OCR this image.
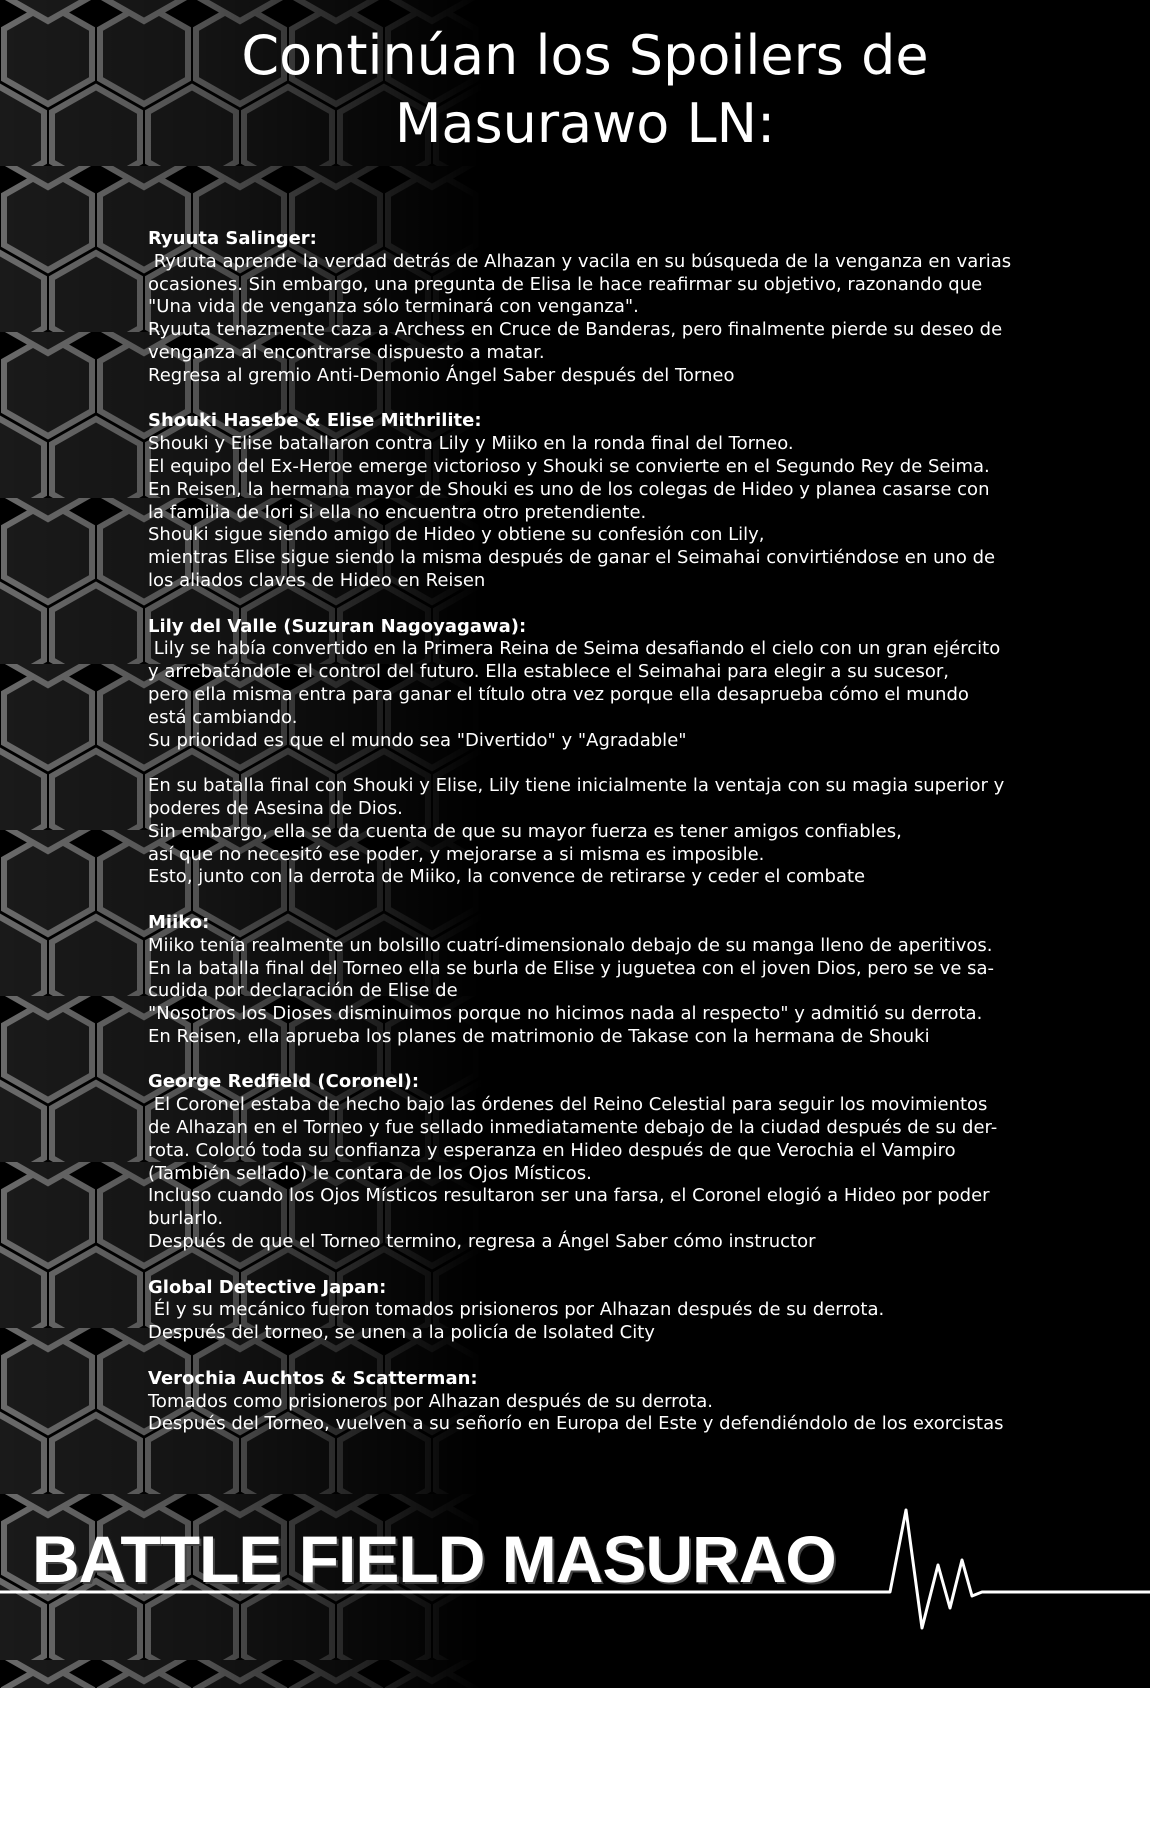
Continúan los Spoilers de
Masurawo LN:
Ryuuta Salinger:

Ryuuta aprende la verdad detrás de Alhazan y vacila en su búsqueda de la venganza en varias

ocasiones. Sin embargo, una pregunta de Elisa le hace reafirmar su objetivo, razonando que

"Una vida de venganza sólo terminará con venganza".

Ryuuta tenazmente caza a Archess en Cruce de Banderas, pero finalmente pierde su deseo de

venganza al encontrarse dispuesto a matar.

Regresa al gremio Anti-Demonio Ángel Saber después del Torneo

Shouki Hasebe & Elise Mithrilite:

Shouki y Elise batallaron contra Lily y Miiko en la ronda final del Torneo.

El equipo del Ex-Heroe emerge victorioso y Shouki se convierte en el Segundo Rey de Seima.

En Reisen, la hermana mayor de Shouki es uno de los colegas de Hideo y planea casarse con

la familia de Iori si ella no encuentra otro pretendiente.

Shouki sigue siendo amigo de Hideo y obtiene su confesión con Lily,

mientras Elise sigue siendo la misma después de ganar el Seimahai convirtiéndose en uno de

los aliados claves de Hideo en Reisen

Lily del Valle (Suzuran Nagoyagawa):

Lily se había convertido en la Primera Reina de Seima desafiando el cielo con un gran ejército

y arrebatándole el control del futuro. Ella establece el Seimahai para elegir a su sucesor,

pero ella misma entra para ganar el título otra vez porque ella desaprueba cómo el mundo

está cambiando.

Su prioridad es que el mundo sea "Divertido" y "Agradable"

En su batalla final con Shouki y Elise, Lily tiene inicialmente la ventaja con su magia superior y

poderes de Asesina de Dios.

Sin embargo, ella se da cuenta de que su mayor fuerza es tener amigos confiables,

así que no necesitó ese poder, y mejorarse a si misma es imposible.

Esto, junto con la derrota de Miiko, la convence de retirarse y ceder el combate

Miiko:

Miiko tenía realmente un bolsillo cuatrí-dimensionalo debajo de su manga lleno de aperitivos.

En la batalla final del Torneo ella se burla de Elise y juguetea con el joven Dios, pero se ve sa-

cudida por declaración de Elise de

"Nosotros los Dioses disminuimos porque no hicimos nada al respecto" y admitió su derrota.

En Reisen, ella aprueba los planes de matrimonio de Takase con la hermana de Shouki

George Redfield (Coronel):

El Coronel estaba de hecho bajo las órdenes del Reino Celestial para seguir los movimientos

de Alhazan en el Torneo y fue sellado inmediatamente debajo de la ciudad después de su der-

rota. Colocó toda su confianza y esperanza en Hideo después de que Verochia el Vampiro

(También sellado) le contara de los Ojos Místicos.

Incluso cuando los Ojos Místicos resultaron ser una farsa, el Coronel elogió a Hideo por poder

burlarlo.

Después de que el Torneo termino, regresa a Ángel Saber cómo instructor

Global Detective Japan:

Él y su mecánico fueron tomados prisioneros por Alhazan después de su derrota.

Después del torneo, se unen a la policía de Isolated City

Verochia Auchtos & Scatterman:

Tomados como prisioneros por Alhazan después de su derrota.

Después del Torneo, vuelven a su señorío en Europa del Este y defendiéndolo de los exorcistas

BATTLE FIELD MASURAO
